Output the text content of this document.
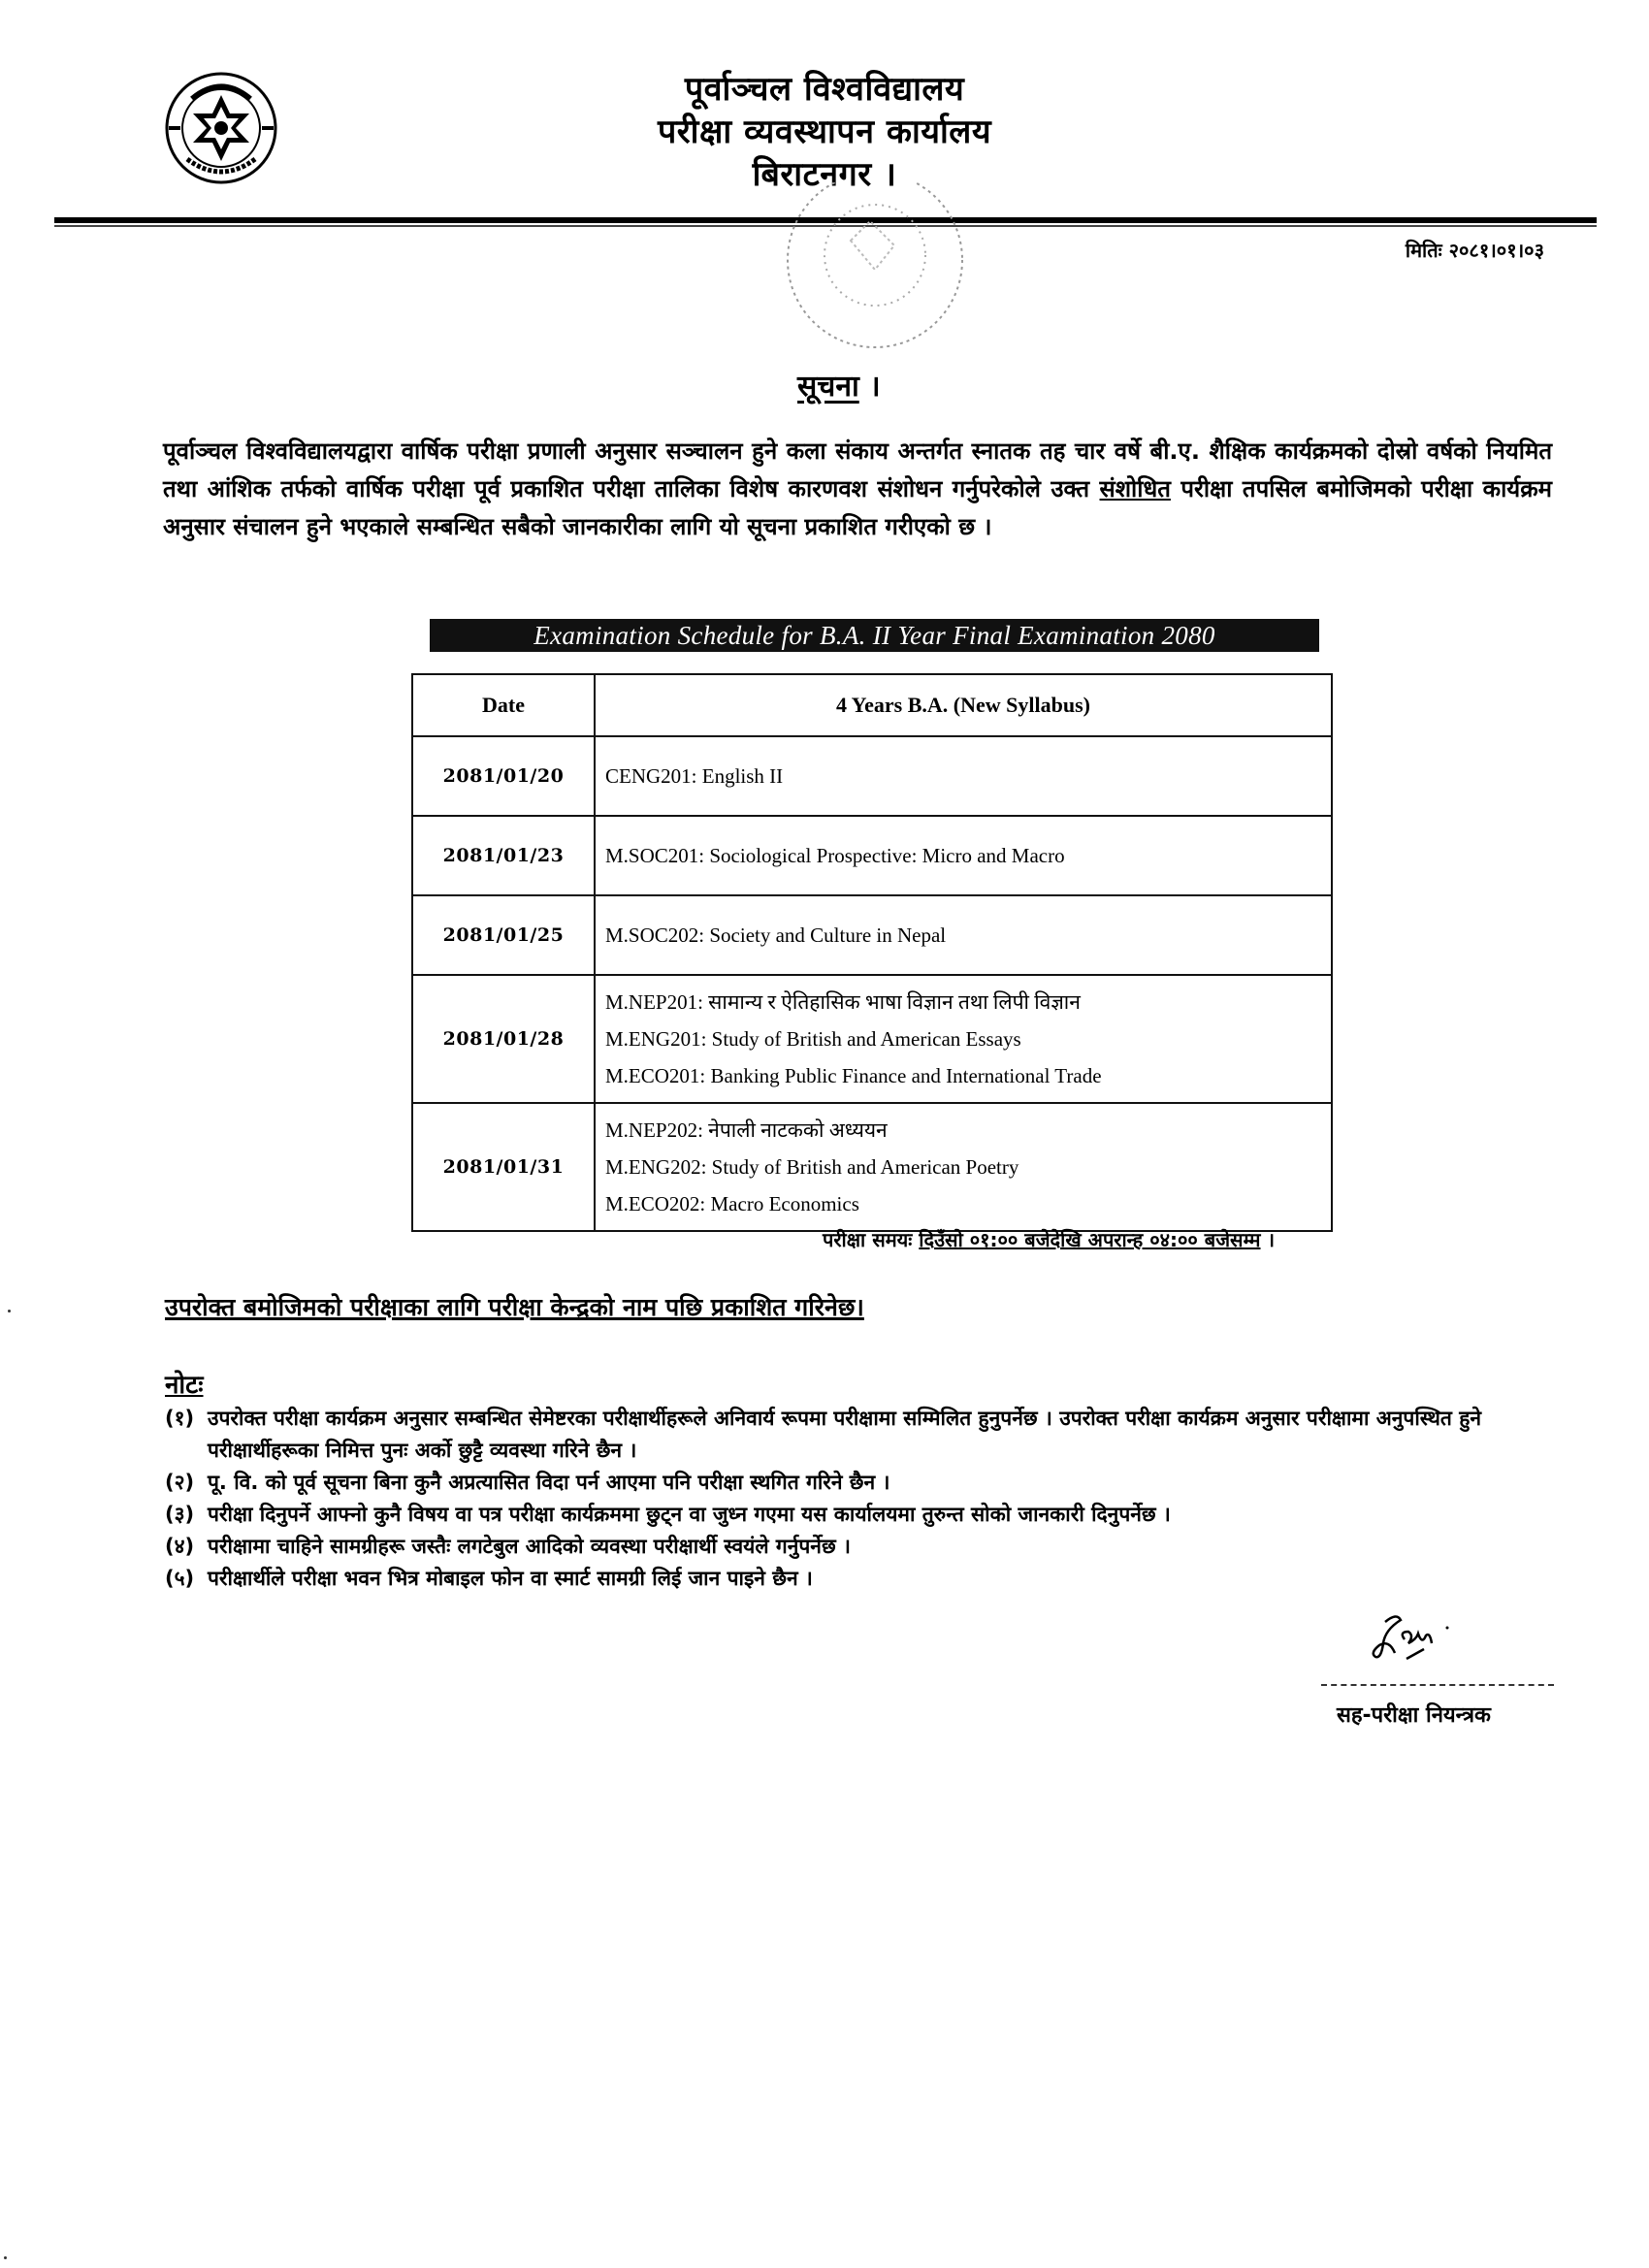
पूर्वाञ्चल विश्वविद्यालय
परीक्षा व्यवस्थापन कार्यालय
बिराटनगर ।
मितिः २०८१।०१।०३
सूचना ।
पूर्वाञ्चल विश्वविद्यालयद्वारा वार्षिक परीक्षा प्रणाली अनुसार सञ्चालन हुने कला संकाय अन्तर्गत स्नातक तह चार वर्षे बी.ए. शैक्षिक कार्यक्रमको दोस्रो वर्षको नियमित तथा आंशिक तर्फको वार्षिक परीक्षा पूर्व प्रकाशित परीक्षा तालिका विशेष कारणवश संशोधन गर्नुपरेकोले उक्त संशोधित परीक्षा तपसिल बमोजिमको परीक्षा कार्यक्रम अनुसार संचालन हुने भएकाले सम्बन्धित सबैको जानकारीका लागि यो सूचना प्रकाशित गरीएको छ ।
Examination Schedule for B.A. II Year Final Examination 2080
Date	4 Years B.A. (New Syllabus)
2081/01/20	CENG201: English II

2081/01/23	M.SOC201: Sociological Prospective: Micro and Macro

2081/01/25	M.SOC202: Society and Culture in Nepal

2081/01/28	M.NEP201: सामान्य र ऐतिहासिक भाषा विज्ञान तथा लिपी विज्ञान
M.ENG201: Study of British and American Essays
M.ECO201: Banking Public Finance and International Trade

2081/01/31	M.NEP202: नेपाली नाटकको अध्ययन
M.ENG202: Study of British and American Poetry
M.ECO202: Macro Economics
परीक्षा समयः दिउँसो ०१:०० बजेदेखि अपरान्ह ०४:०० बजेसम्म ।
उपरोक्त बमोजिमको परीक्षाका लागि परीक्षा केन्द्रको नाम पछि प्रकाशित गरिनेछ।
नोटः
(१) उपरोक्त परीक्षा कार्यक्रम अनुसार सम्बन्धित सेमेष्टरका परीक्षार्थीहरूले अनिवार्य रूपमा परीक्षामा सम्मिलित हुनुपर्नेछ । उपरोक्त परीक्षा कार्यक्रम अनुसार परीक्षामा अनुपस्थित हुने परीक्षार्थीहरूका निमित्त पुनः अर्को छुट्टै व्यवस्था गरिने छैन ।
(२) पू. वि. को पूर्व सूचना बिना कुनै अप्रत्यासित विदा पर्न आएमा पनि परीक्षा स्थगित गरिने छैन ।
(३) परीक्षा दिनुपर्ने आफ्नो कुनै विषय वा पत्र परीक्षा कार्यक्रममा छुट्न वा जुध्न गएमा यस कार्यालयमा तुरुन्त सोको जानकारी दिनुपर्नेछ ।
(४) परीक्षामा चाहिने सामग्रीहरू जस्तैः लगटेबुल आदिको व्यवस्था परीक्षार्थी स्वयंले गर्नुपर्नेछ ।
(५) परीक्षार्थीले परीक्षा भवन भित्र मोबाइल फोन वा स्मार्ट सामग्री लिई जान पाइने छैन ।
सह-परीक्षा नियन्त्रक
